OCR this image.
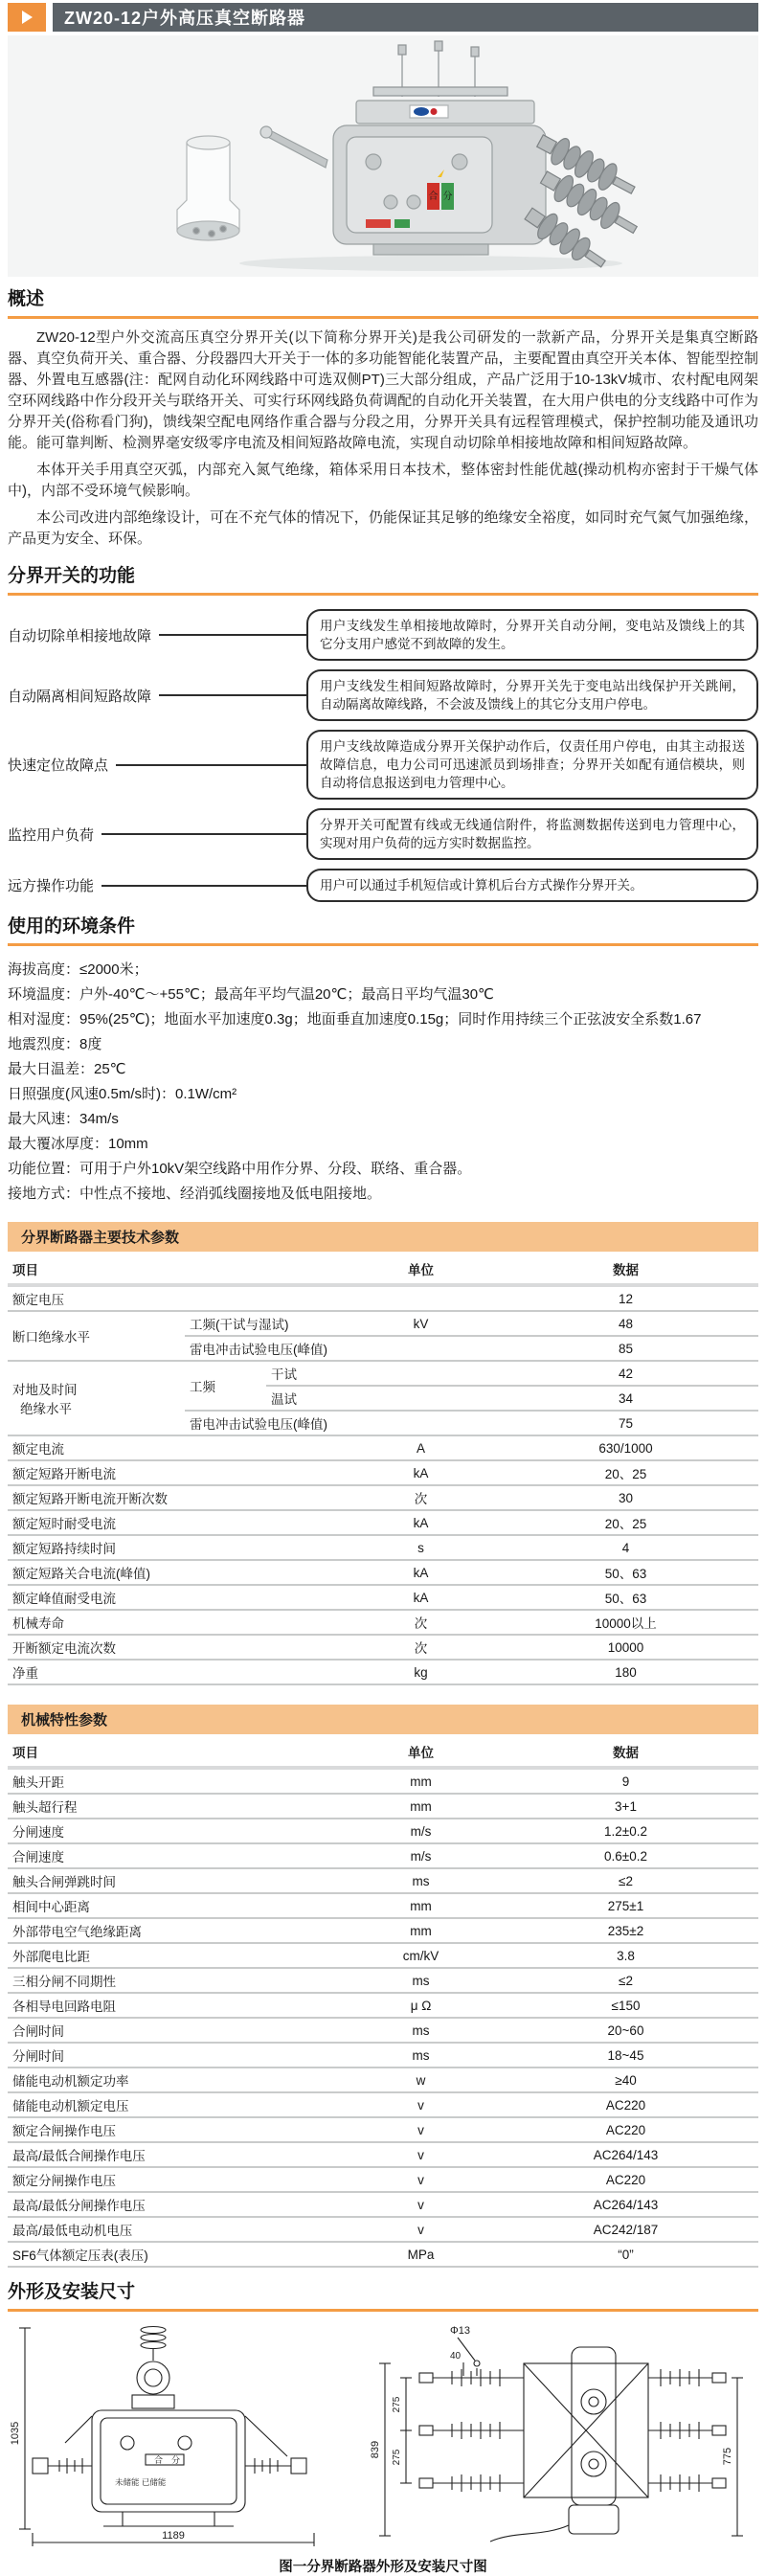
ZW20-12户外高压真空断路器
合 分
概述

ZW20-12型户外交流高压真空分界开关(以下简称分界开关)是我公司研发的一款新产品，分界开关是集真空断路器、真空负荷开关、重合器、分段器四大开关于一体的多功能智能化装置产品，主要配置由真空开关本体、智能型控制器、外置电互感器(注：配网自动化环网线路中可选双侧PT)三大部分组成，产品广泛用于10-13kV城市、农村配电网架空环网线路中作分段开关与联络开关、可实行环网线路负荷调配的自动化开关装置，在大用户供电的分支线路中可作为分界开关(俗称看门狗)，馈线架空配电网络作重合器与分段之用，分界开关具有远程管理模式，保护控制功能及通讯功能。能可靠判断、检测界毫安级零序电流及相间短路故障电流，实现自动切除单相接地故障和相间短路故障。

本体开关手用真空灭弧，内部充入氮气绝缘，箱体采用日本技术，整体密封性能优越(操动机构亦密封于干燥气体中)，内部不受环境气候影响。

本公司改进内部绝缘设计，可在不充气体的情况下，仍能保证其足够的绝缘安全裕度，如同时充气氮气加强绝缘，产品更为安全、环保。

分界开关的功能
自动切除单相接地故障
用户支线发生单相接地故障时，分界开关自动分闸，变电站及馈线上的其它分支用户感觉不到故障的发生。
自动隔离相间短路故障
用户支线发生相间短路故障时，分界开关先于变电站出线保护开关跳闸，自动隔离故障线路，不会波及馈线上的其它分支用户停电。
快速定位故障点
用户支线故障造成分界开关保护动作后，仅责任用户停电，由其主动报送故障信息，电力公司可迅速派员到场排查；分界开关如配有通信模块，则自动将信息报送到电力管理中心。
监控用户负荷
分界开关可配置有线或无线通信附件，将监测数据传送到电力管理中心，实现对用户负荷的远方实时数据监控。
远方操作功能	用户可以通过手机短信或计算机后台方式操作分界开关。
使用的环境条件
海拔高度：≤2000米；
环境温度：户外-40℃～+55℃；最高年平均气温20℃；最高日平均气温30℃
相对湿度：95%(25℃)；地面水平加速度0.3g；地面垂直加速度0.15g；同时作用持续三个正弦波安全系数1.67
地震烈度：8度
最大日温差：25℃
日照强度(风速0.5m/s时)：0.1W/cm²
最大风速：34m/s
最大覆冰厚度：10mm
功能位置：可用于户外10kV架空线路中用作分界、分段、联络、重合器。
接地方式：中性点不接地、经消弧线圈接地及低电阻接地。
分界断路器主要技术参数
项目			单位	数据
额定电压				12
断口绝缘水平	工频(干试与湿试)		kV	48
	雷电冲击试验电压(峰值)			85

对地及时间
绝缘水平	工频	干试		42
		温试		34
	雷电冲击试验电压(峰值)			75
额定电流			A	630/1000
额定短路开断电流			kA	20、25
额定短路开断电流开断次数			次	30
额定短时耐受电流			kA	20、25
额定短路持续时间			s	4
额定短路关合电流(峰值)			kA	50、63
额定峰值耐受电流			kA	50、63
机械寿命			次	10000以上
开断额定电流次数			次	10000
净重			kg	180
机械特性参数
项目	单位	数据
触头开距	mm	9
触头超行程	mm	3+1
分闸速度	m/s	1.2±0.2
合闸速度	m/s	0.6±0.2
触头合闸弹跳时间	ms	≤2
相间中心距离	mm	275±1
外部带电空气绝缘距离	mm	235±2
外部爬电比距	cm/kV	3.8
三相分闸不同期性	ms	≤2
各相导电回路电阻	μ Ω	≤150
合闸时间	ms	20~60
分闸时间	ms	18~45
储能电动机额定功率	w	≥40
储能电动机额定电压	v	AC220
额定合闸操作电压	v	AC220
最高/最低合闸操作电压	v	AC264/143
额定分闸操作电压	v	AC220
最高/最低分闸操作电压	v	AC264/143
最高/最低电动机电压	v	AC242/187
SF6气体额定压表(表压)	MPa	“0”
外形及安装尺寸
1035
合 分
未储能 已储能
1189
Φ13
40
839
275
275	775
图一分界断路器外形及安装尺寸图
